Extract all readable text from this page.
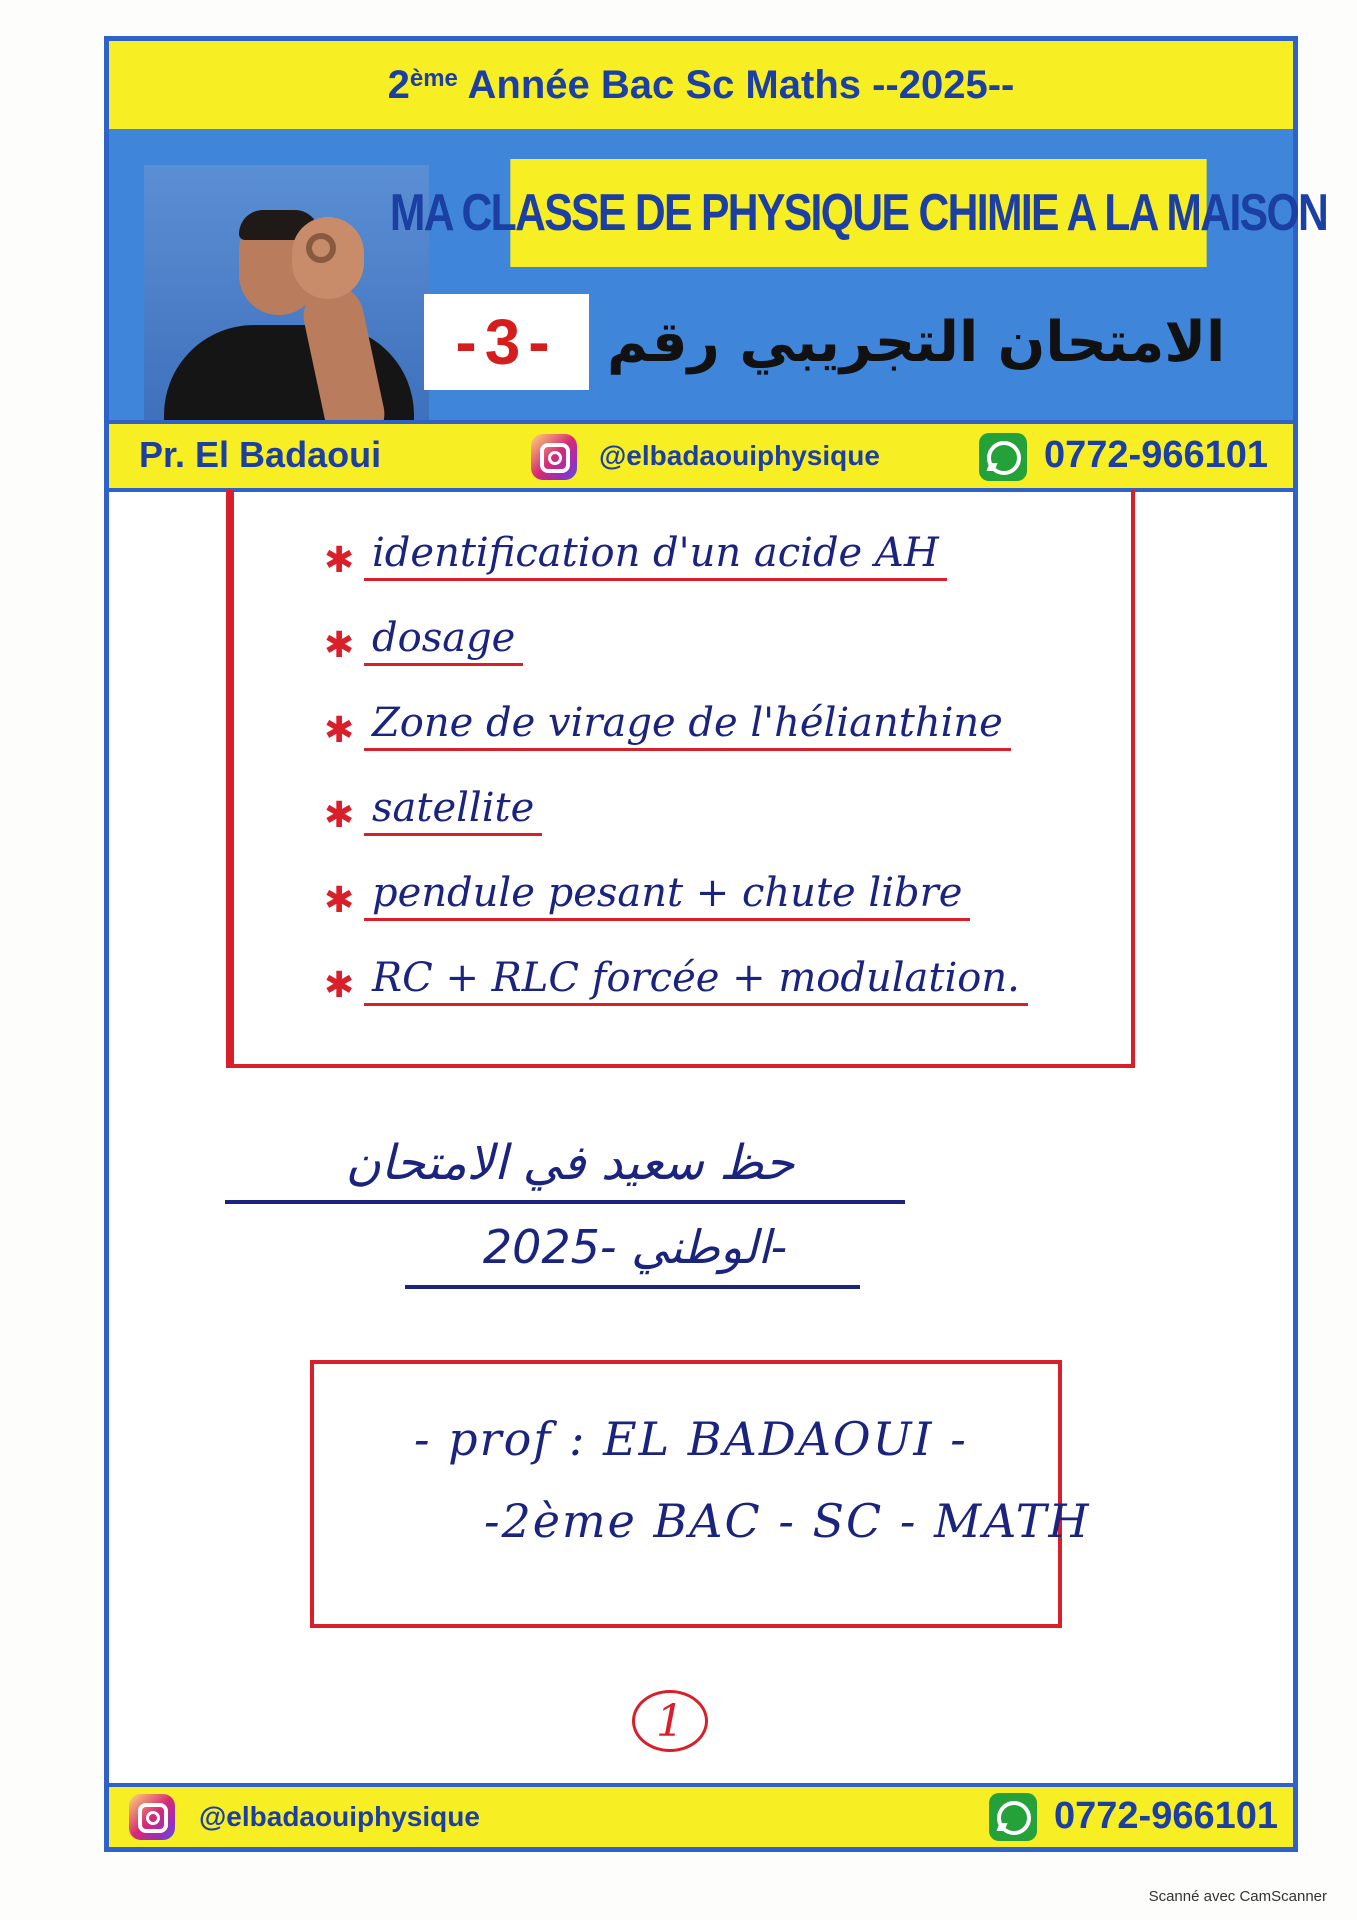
2ème Année Bac Sc Maths --2025--
MA CLASSE DE PHYSIQUE CHIMIE A LA MAISON
-3- الامتحان التجريبي رقم
Pr. El Badaoui	@elbadaouiphysique	0772-966101
@elbadaouiphysique	0772-966101
✱ identification d'un acide AH
✱ dosage
✱ Zone de virage de l'hélianthine
✱ satellite
✱ pendule pesant + chute libre
✱ RC + RLC forcée + modulation.
حظ سعيد في الامتحان
الوطني -2025-
- prof : EL BADAOUI -
-2ème BAC - SC - MATH
1
Scanné avec CamScanner
